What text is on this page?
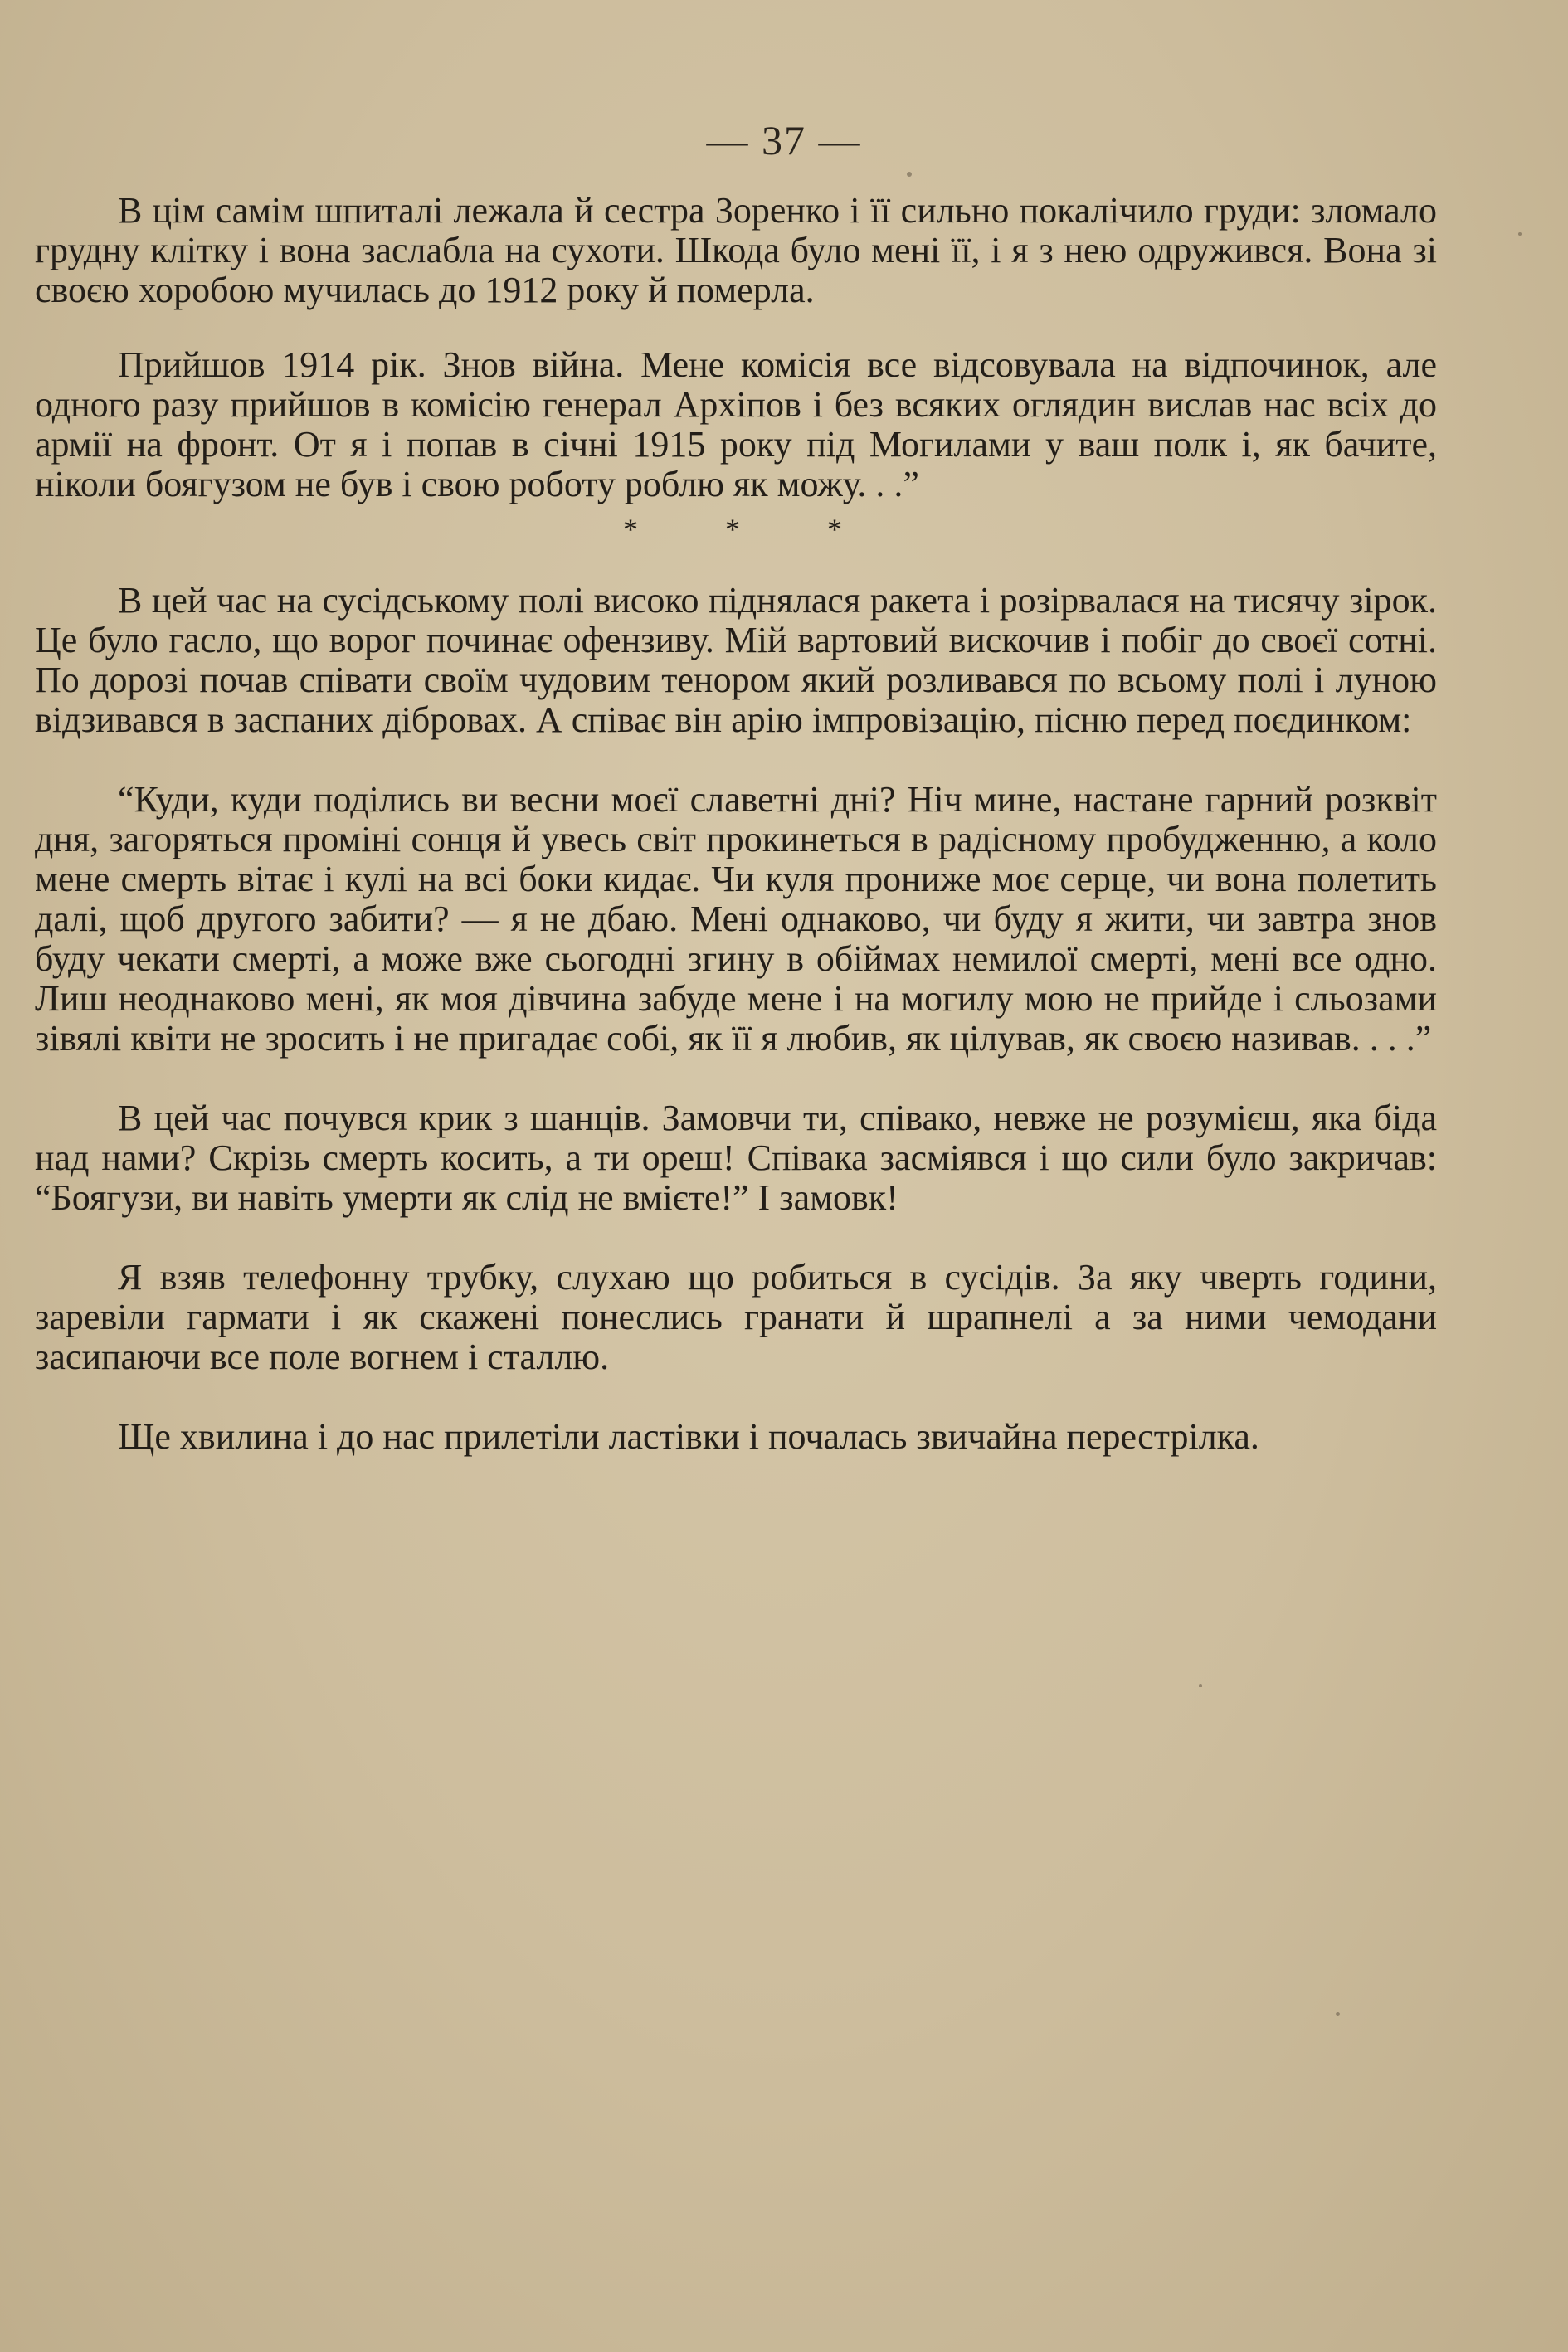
— 37 —

В цім самім шпиталі лежала й сестра Зоренко і її сильно покалічило груди: зломало грудну клітку і вона заслабла на сухоти. Шкода було мені її, і я з нею одружився. Вона зі своєю хоробою мучилась до 1912 року й померла.

Прийшов 1914 рік. Знов війна. Мене комісія все відсовувала на відпочинок, але одного разу прийшов в комісію генерал Архіпов і без всяких оглядин вислав нас всіх до армії на фронт. От я і попав в січні 1915 року під Могилами у ваш полк і, як бачите, ніколи боягузом не був і свою роботу роблю як можу. . .”

* * *

В цей час на сусідському полі високо піднялася ракета і розірвалася на тисячу зірок. Це було гасло, що ворог починає офензиву. Мій вартовий вискочив і побіг до своєї сотні. По дорозі почав співати своїм чудовим тенором який розливався по всьому полі і луною відзивався в заспаних дібровах. А співає він арію імпровізацію, пісню перед поєдинком:

“Куди, куди поділись ви весни моєї славетні дні? Ніч мине, настане гарний розквіт дня, загоряться проміні сонця й увесь світ прокинеться в радісному пробудженню, а коло мене смерть вітає і кулі на всі боки кидає. Чи куля прониже моє серце, чи вона полетить далі, щоб другого забити? — я не дбаю. Мені однаково, чи буду я жити, чи завтра знов буду чекати смерті, а може вже сьогодні згину в обіймах немилої смерті, мені все одно. Лиш неоднаково мені, як моя дівчина забуде мене і на могилу мою не прийде і сльозами зівялі квіти не зросить і не пригадає собі, як її я любив, як цілував, як своєю називав. . . .”

В цей час почувся крик з шанців. Замовчи ти, співако, невже не розумієш, яка біда над нами? Скрізь смерть косить, а ти ореш! Співака засміявся і що сили було закричав: “Боягузи, ви навіть умерти як слід не вмієте!” І замовк!

Я взяв телефонну трубку, слухаю що робиться в сусідів. За яку чверть години, заревіли гармати і як скажені понеслись гранати й шрапнелі а за ними чемодани засипаючи все поле вогнем і сталлю.

Ще хвилина і до нас прилетіли ластівки і почалась звичайна перестрілка.
